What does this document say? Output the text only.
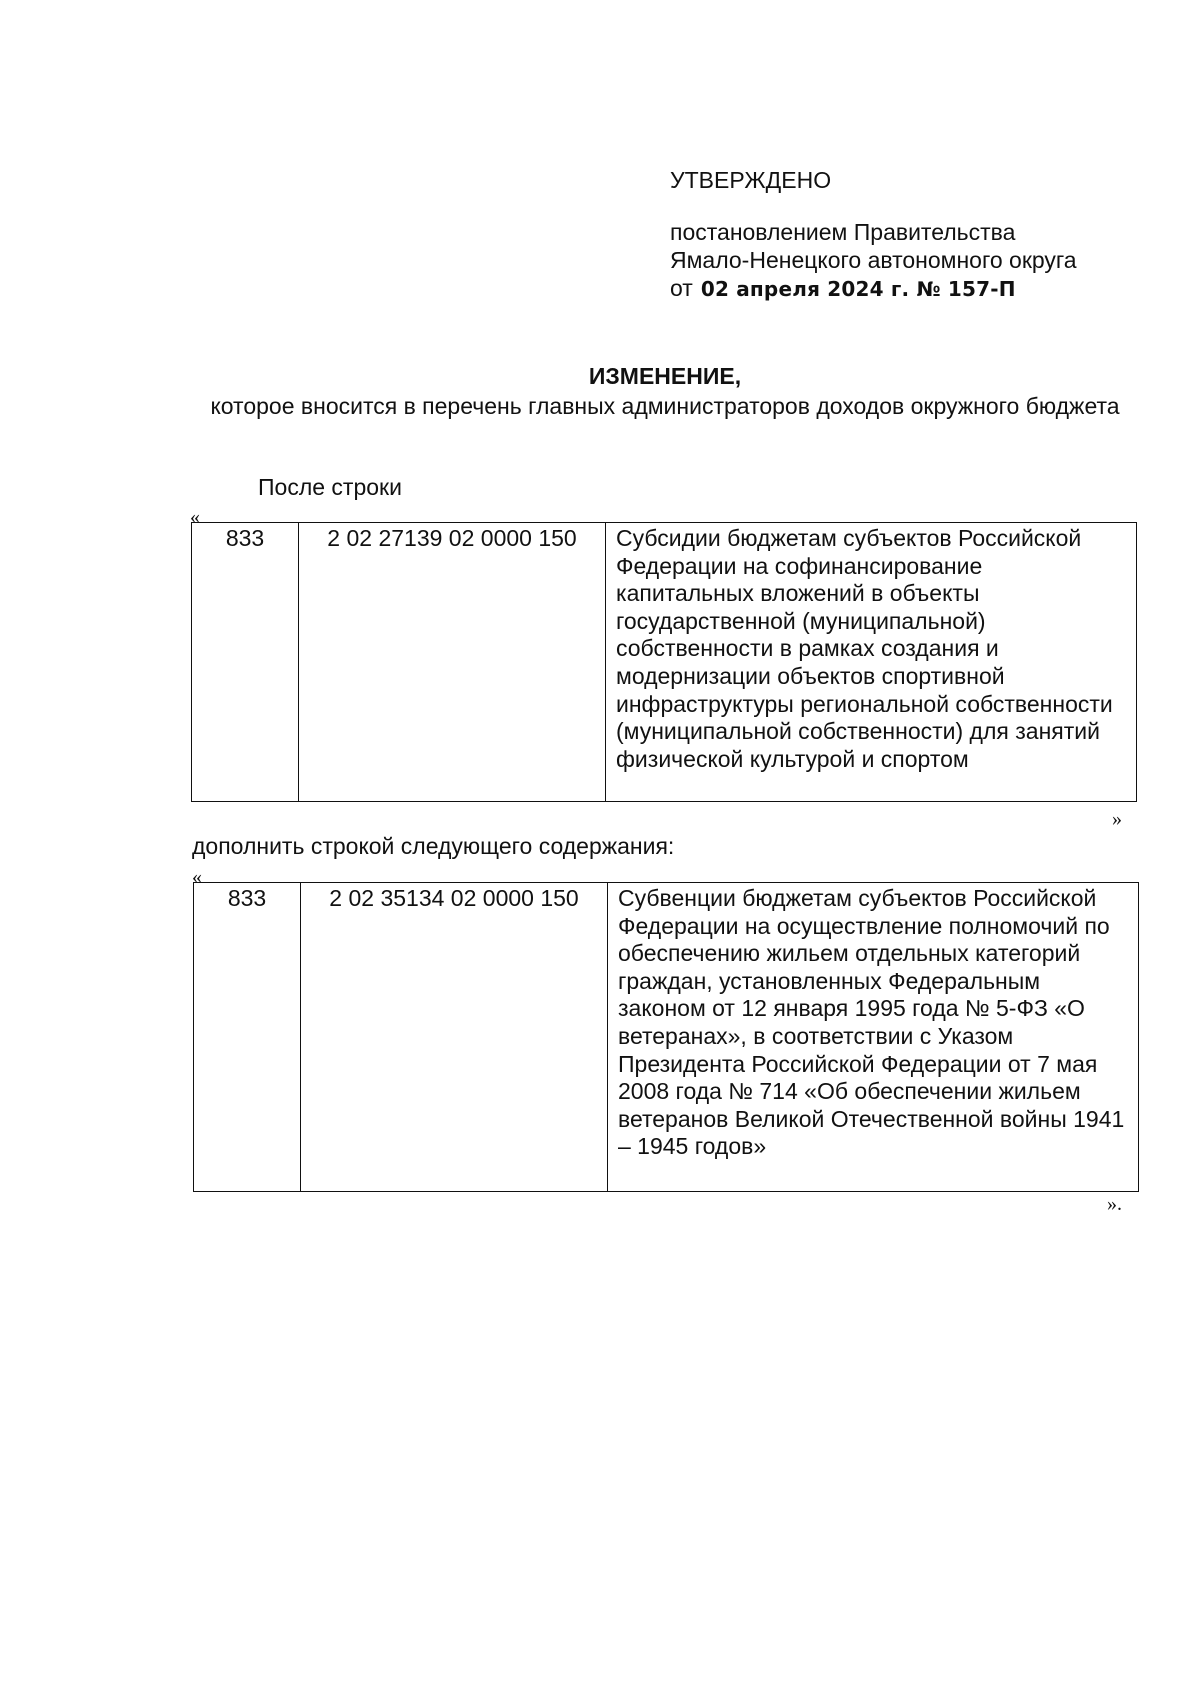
УТВЕРЖДЕНО
постановлением Правительства
Ямало-Ненецкого автономного округа
от 02 апреля 2024 г. № 157-П
ИЗМЕНЕНИЕ,
которое вносится в перечень главных администраторов доходов окружного бюджета
После строки
«
833	2 02 27139 02 0000 150	Субсидии бюджетам субъектов Российской Федерации на софинансирование капитальных вложений в объекты государственной (муниципальной) собственности в рамках создания и модернизации объектов спортивной инфраструктуры региональной собственности (муниципальной собственности) для занятий физической культурой и спортом
»
дополнить строкой следующего содержания:
«
833	2 02 35134 02 0000 150	Субвенции бюджетам субъектов Российской Федерации на осуществление полномочий по обеспечению жильем отдельных категорий граждан, установленных Федеральным законом от 12 января 1995 года № 5-ФЗ «О ветеранах», в соответствии с Указом Президента Российской Федерации от 7 мая 2008 года № 714 «Об обеспечении жильем ветеранов Великой Отечественной войны 1941 – 1945 годов»
».
